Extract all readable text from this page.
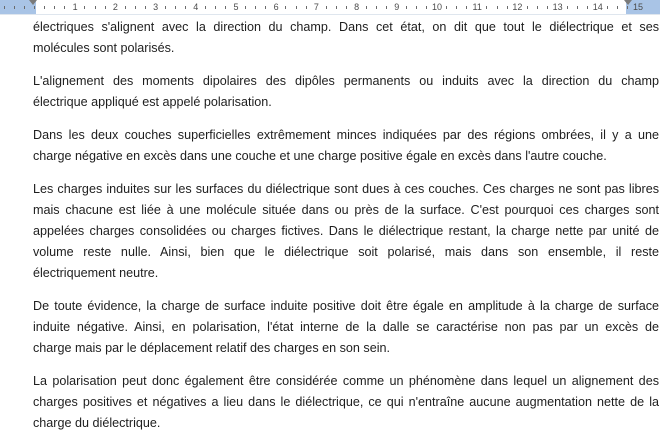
1	2	3	4	5	6	7	8	9	10	11	12	13	14	15
électriques s'alignent avec la direction du champ. Dans cet état, on dit que tout le diélectrique et ses
molécules sont polarisés.
L'alignement des moments dipolaires des dipôles permanents ou induits avec la direction du champ
électrique appliqué est appelé polarisation.
Dans les deux couches superficielles extrêmement minces indiquées par des régions ombrées, il y a une
charge négative en excès dans une couche et une charge positive égale en excès dans l'autre couche.
Les charges induites sur les surfaces du diélectrique sont dues à ces couches. Ces charges ne sont pas libres
mais chacune est liée à une molécule située dans ou près de la surface. C'est pourquoi ces charges sont
appelées charges consolidées ou charges fictives. Dans le diélectrique restant, la charge nette par unité de
volume reste nulle. Ainsi, bien que le diélectrique soit polarisé, mais dans son ensemble, il reste
électriquement neutre.
De toute évidence, la charge de surface induite positive doit être égale en amplitude à la charge de surface
induite négative. Ainsi, en polarisation, l'état interne de la dalle se caractérise non pas par un excès de
charge mais par le déplacement relatif des charges en son sein.
La polarisation peut donc également être considérée comme un phénomène dans lequel un alignement des
charges positives et négatives a lieu dans le diélectrique, ce qui n'entraîne aucune augmentation nette de la
charge du diélectrique.
